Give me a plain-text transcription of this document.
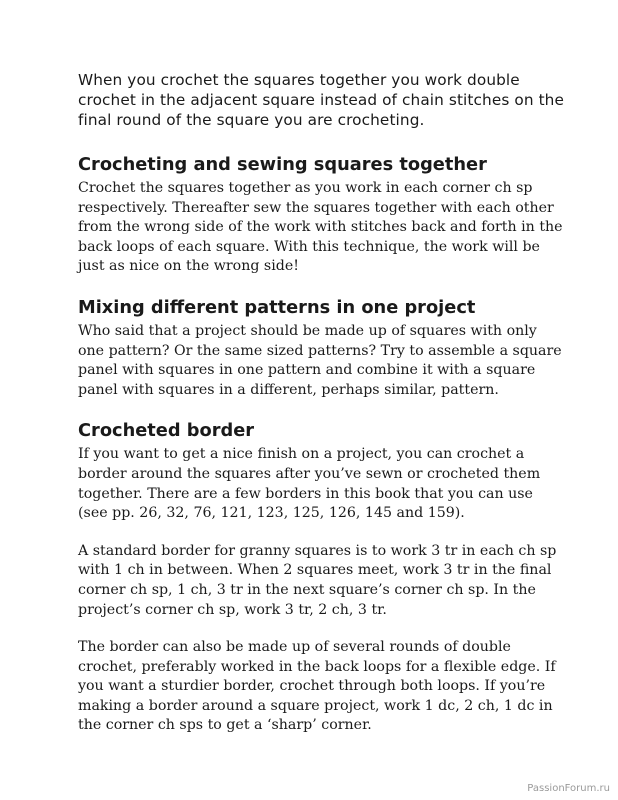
When you crochet the squares together you work double crochet in the adjacent square instead of chain stitches on the final round of the square you are crocheting.

Crocheting and sewing squares together

Crochet the squares together as you work in each corner ch sp respectively. Thereafter sew the squares together with each other from the wrong side of the work with stitches back and forth in the back loops of each square. With this technique, the work will be just as nice on the wrong side!

Mixing different patterns in one project

Who said that a project should be made up of squares with only one pattern? Or the same sized patterns? Try to assemble a square panel with squares in one pattern and combine it with a square panel with squares in a different, perhaps similar, pattern.

Crocheted border

If you want to get a nice finish on a project, you can crochet a border around the squares after you’ve sewn or crocheted them together. There are a few borders in this book that you can use (see pp. 26, 32, 76, 121, 123, 125, 126, 145 and 159).

A standard border for granny squares is to work 3 tr in each ch sp with 1 ch in between. When 2 squares meet, work 3 tr in the final corner ch sp, 1 ch, 3 tr in the next square’s corner ch sp. In the project’s corner ch sp, work 3 tr, 2 ch, 3 tr.

The border can also be made up of several rounds of double crochet, preferably worked in the back loops for a flexible edge. If you want a sturdier border, crochet through both loops. If you’re making a border around a square project, work 1 dc, 2 ch, 1 dc in the corner ch sps to get a ‘sharp’ corner.

PassionForum.ru
